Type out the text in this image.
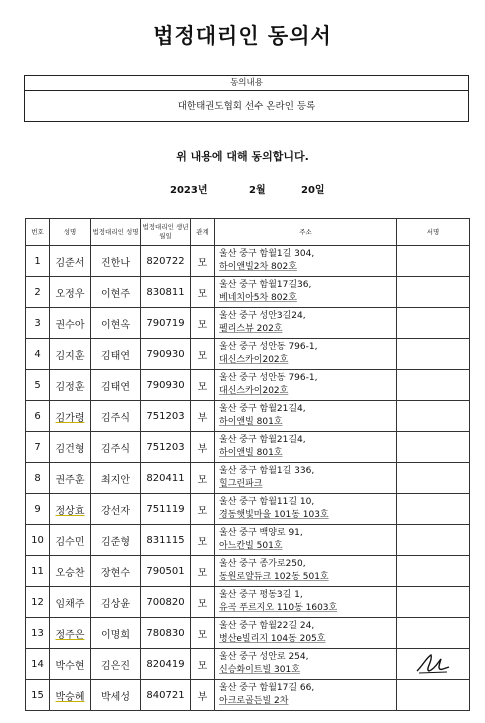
법정대리인 동의서
동의내용
대한태권도협회 선수 온라인 등록
위 내용에 대해 동의합니다.
2023년	2월	20일
번호	성명	법정대리인 성명	법정대리인 생년월일	관계	주소	서명
1	김준서	진한나	820722	모	울산 중구 함월1길 304,
하이앤빌2차 802호	

2	오정우	이현주	830811	모	울산 중구 함월17길36,
베네치아5차 802호	

3	권수아	이현옥	790719	모	울산 중구 성안3길24,
펠리스뷰 202호	

4	김지훈	김태연	790930	모	울산 중구 성안동 796-1,
대신스카이202호	

5	김정훈	김태연	790930	모	울산 중구 성안동 796-1,
대신스카이202호	

6	김가령	김주식	751203	부	울산 중구 함월21길4,
하이앤빌 801호	

7	김건형	김주식	751203	부	울산 중구 함월21길4,
하이앤빌 801호	

8	권주훈	최지안	820411	모	울산 중구 함월1길 336,
힐그린파크	

9	정상효	강선자	751119	모	울산 중구 함월11길 10,
경동햇빛마을 101동 103호	

10	김수민	김준형	831115	모	울산 중구 백양로 91,
아느칸빌 501호	

11	오승찬	장현수	790501	모	울산 중구 종가로250,
동원로얄듀크 102동 501호	

12	임채주	김상윤	700820	모	울산 중구 평동3길 1,
유곡 푸르지오 110동 1603호	

13	정주은	이명희	780830	모	울산 중구 함월22길 24,
병산e빌리지 104동 205호	

14	박수현	김은진	820419	모	울산 중구 성안로 254,
신승화이트빌 301호

15	박승혜	박세성	840721	부	울산 중구 함월17길 66,
아크로골든빌 2차	
